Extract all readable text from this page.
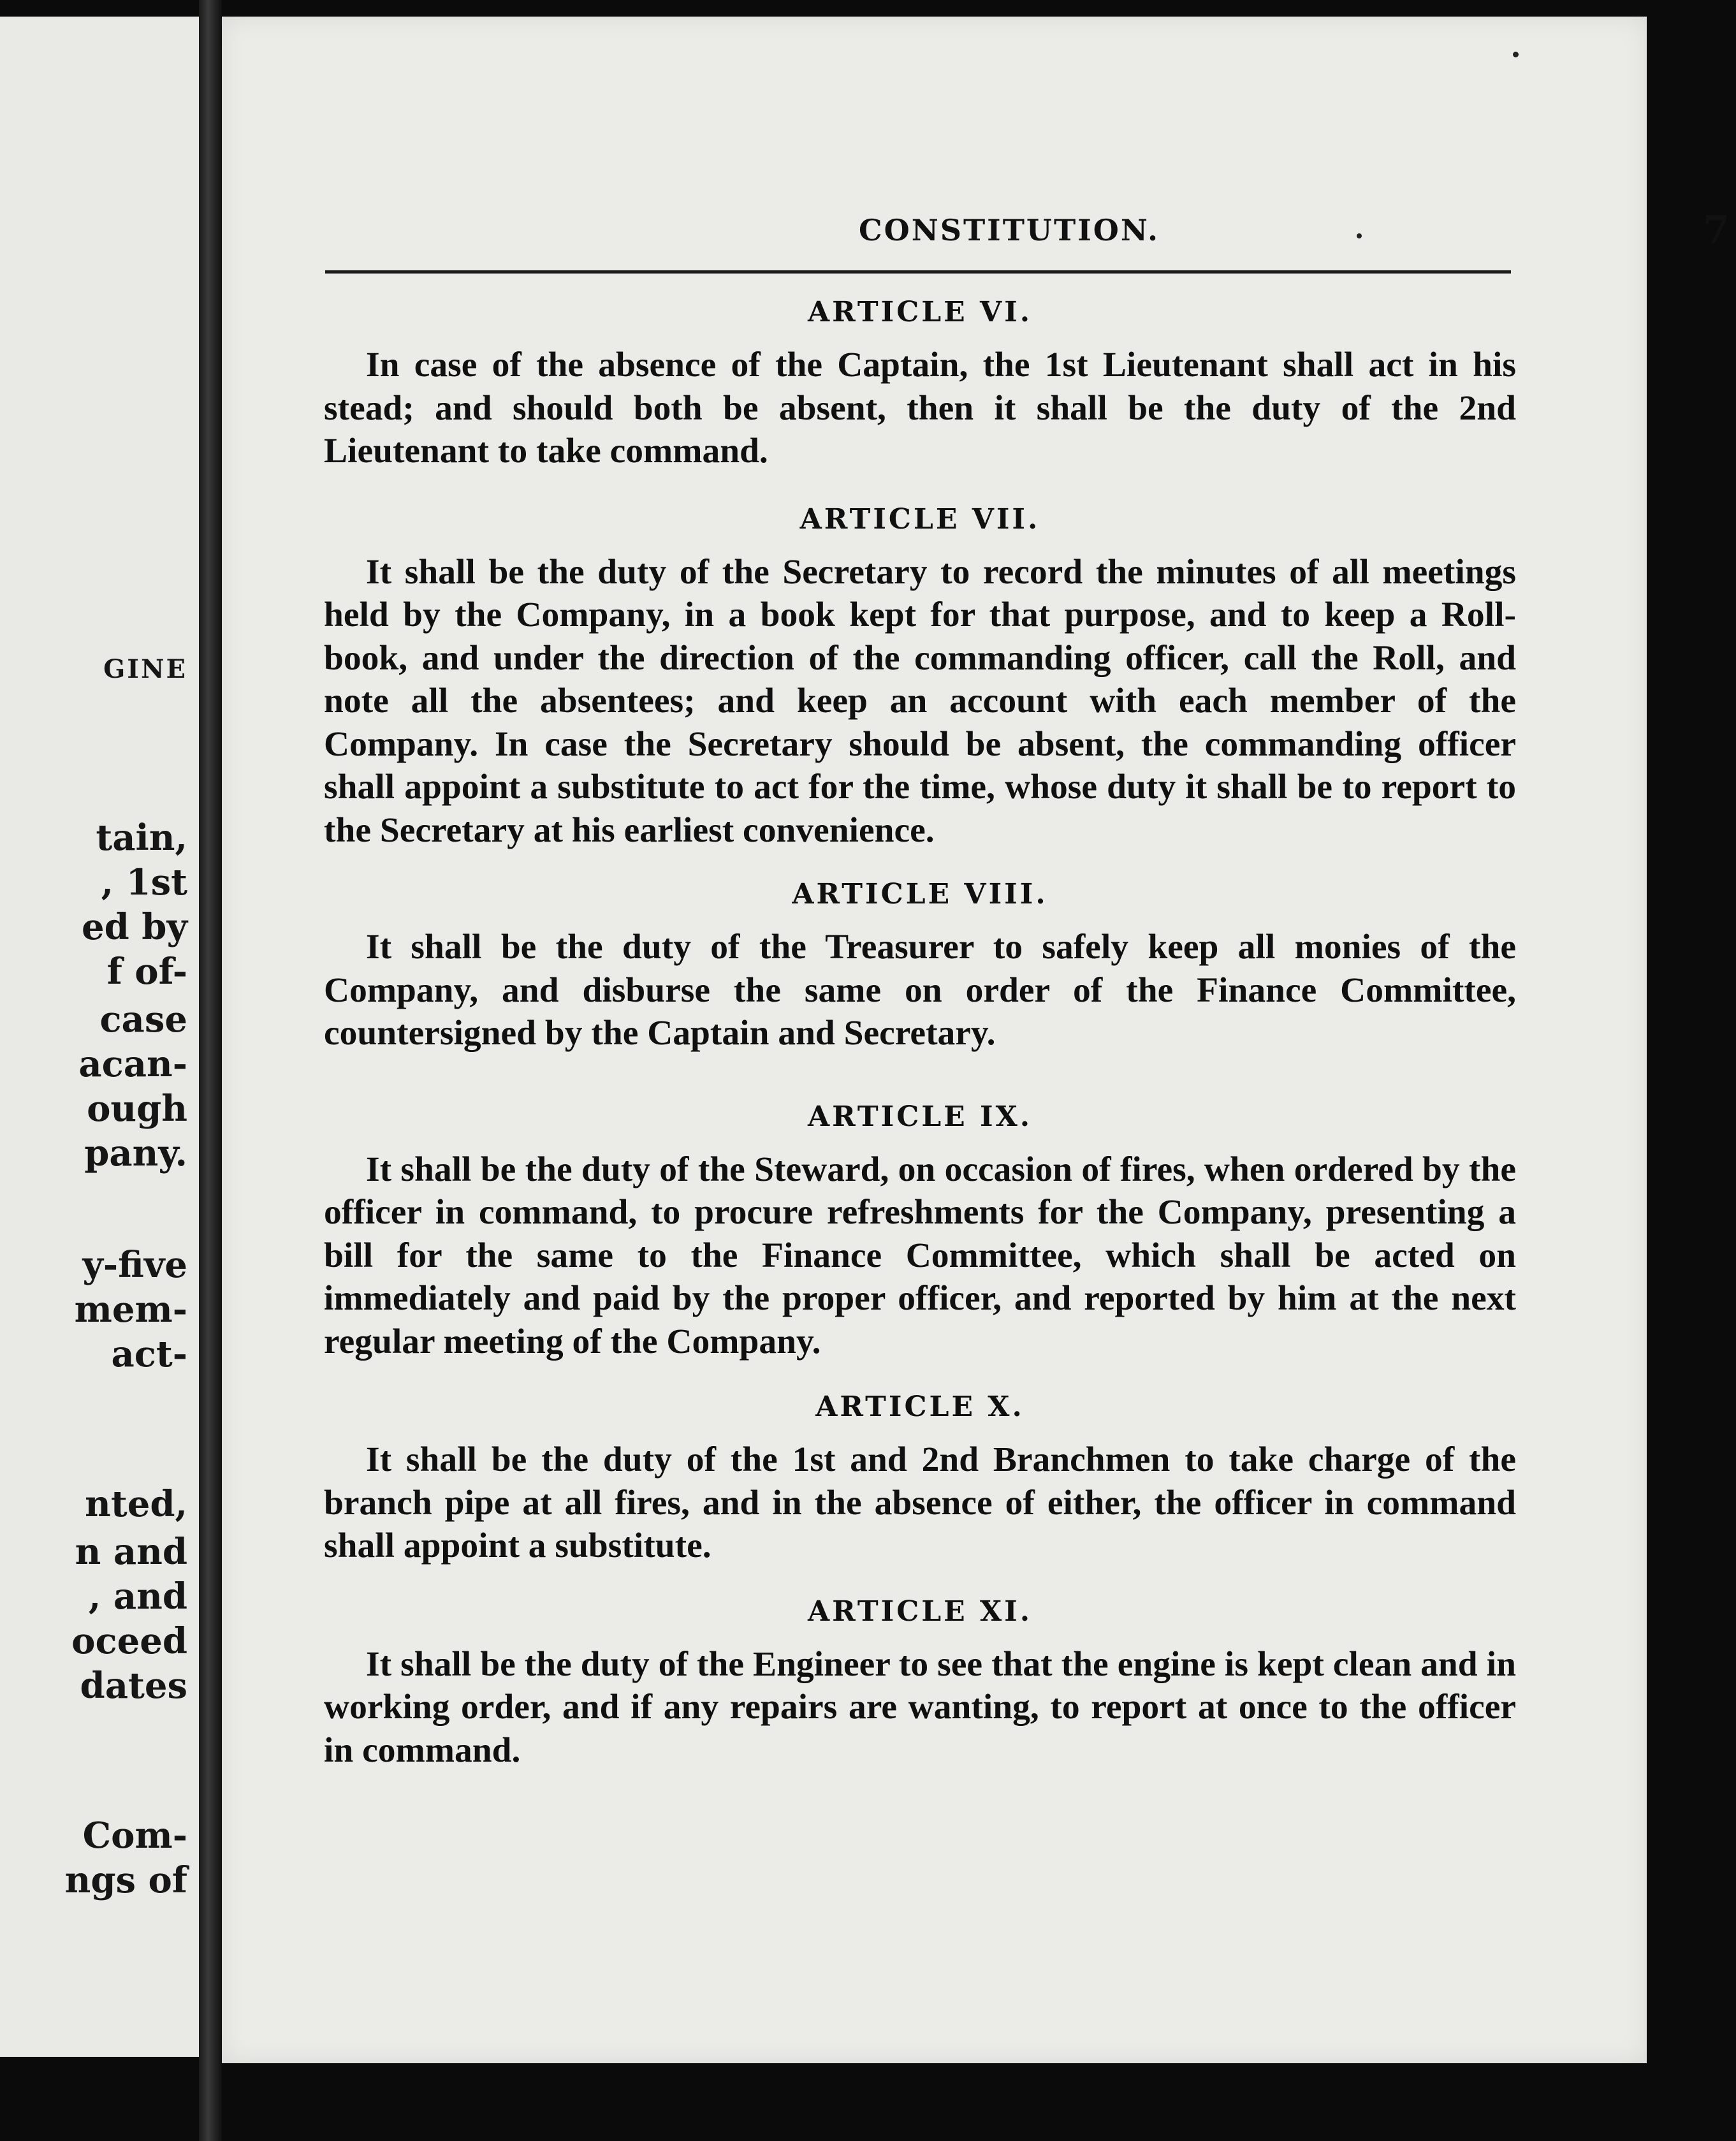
GINE
tain,
, 1st
ed by
f of-
case
acan-
ough
pany.
y-five
mem-
act-
nted,
n and
, and
oceed
dates
Com-
ngs of
CONSTITUTION.	7
ARTICLE VI.

In case of the absence of the Captain, the 1st Lieutenant shall act in his stead; and should both be absent, then it shall be the duty of the 2nd Lieutenant to take command.

ARTICLE VII.

It shall be the duty of the Secretary to record the minutes of all meetings held by the Company, in a book kept for that purpose, and to keep a Roll-book, and under the direction of the commanding officer, call the Roll, and note all the absentees; and keep an account with each member of the Company. In case the Secretary should be absent, the commanding officer shall appoint a substitute to act for the time, whose duty it shall be to report to the Secretary at his earliest convenience.

ARTICLE VIII.

It shall be the duty of the Treasurer to safely keep all monies of the Company, and disburse the same on order of the Finance Committee, countersigned by the Captain and Secretary.

ARTICLE IX.

It shall be the duty of the Steward, on occasion of fires, when ordered by the officer in command, to procure refreshments for the Company, presenting a bill for the same to the Finance Committee, which shall be acted on immediately and paid by the proper officer, and reported by him at the next regular meeting of the Company.

ARTICLE X.

It shall be the duty of the 1st and 2nd Branchmen to take charge of the branch pipe at all fires, and in the absence of either, the officer in command shall appoint a substitute.

ARTICLE XI.

It shall be the duty of the Engineer to see that the engine is kept clean and in working order, and if any repairs are wanting, to report at once to the officer in command.
